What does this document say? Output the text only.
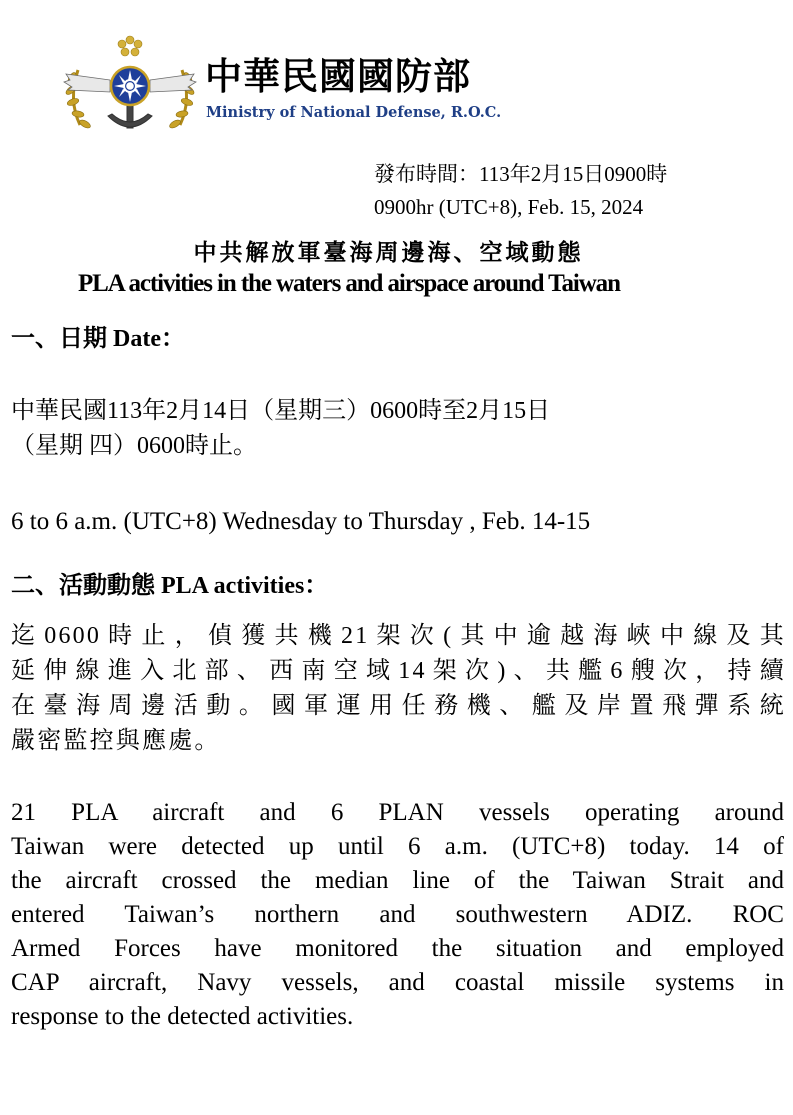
中華民國國防部
Ministry of National Defense, R.O.C.
發布時間：113年2月15日0900時
0900hr (UTC+8), Feb. 15, 2024
中共解放軍臺海周邊海、空域動態
PLA activities in the waters and airspace around Taiwan
一、日期 Date：
中華民國113年2月14日（星期三）0600時至2月15日
（星期 四）0600時止。
6 to 6 a.m. (UTC+8) Wednesday to Thursday , Feb. 14-15
二、活動動態 PLA activities：
迄0600時止，偵獲共機21架次(其中逾越海峽中線及其
延伸線進入北部、西南空域14架次)、共艦6艘次，持續
在臺海周邊活動。國軍運用任務機、艦及岸置飛彈系統
嚴密監控與應處。
21 PLA aircraft and 6 PLAN vessels operating around
Taiwan were detected up until 6 a.m. (UTC+8) today. 14 of
the aircraft crossed the median line of the Taiwan Strait and
entered Taiwan’s northern and southwestern ADIZ. ROC
Armed Forces have monitored the situation and employed
CAP aircraft, Navy vessels, and coastal missile systems in
response to the detected activities.
